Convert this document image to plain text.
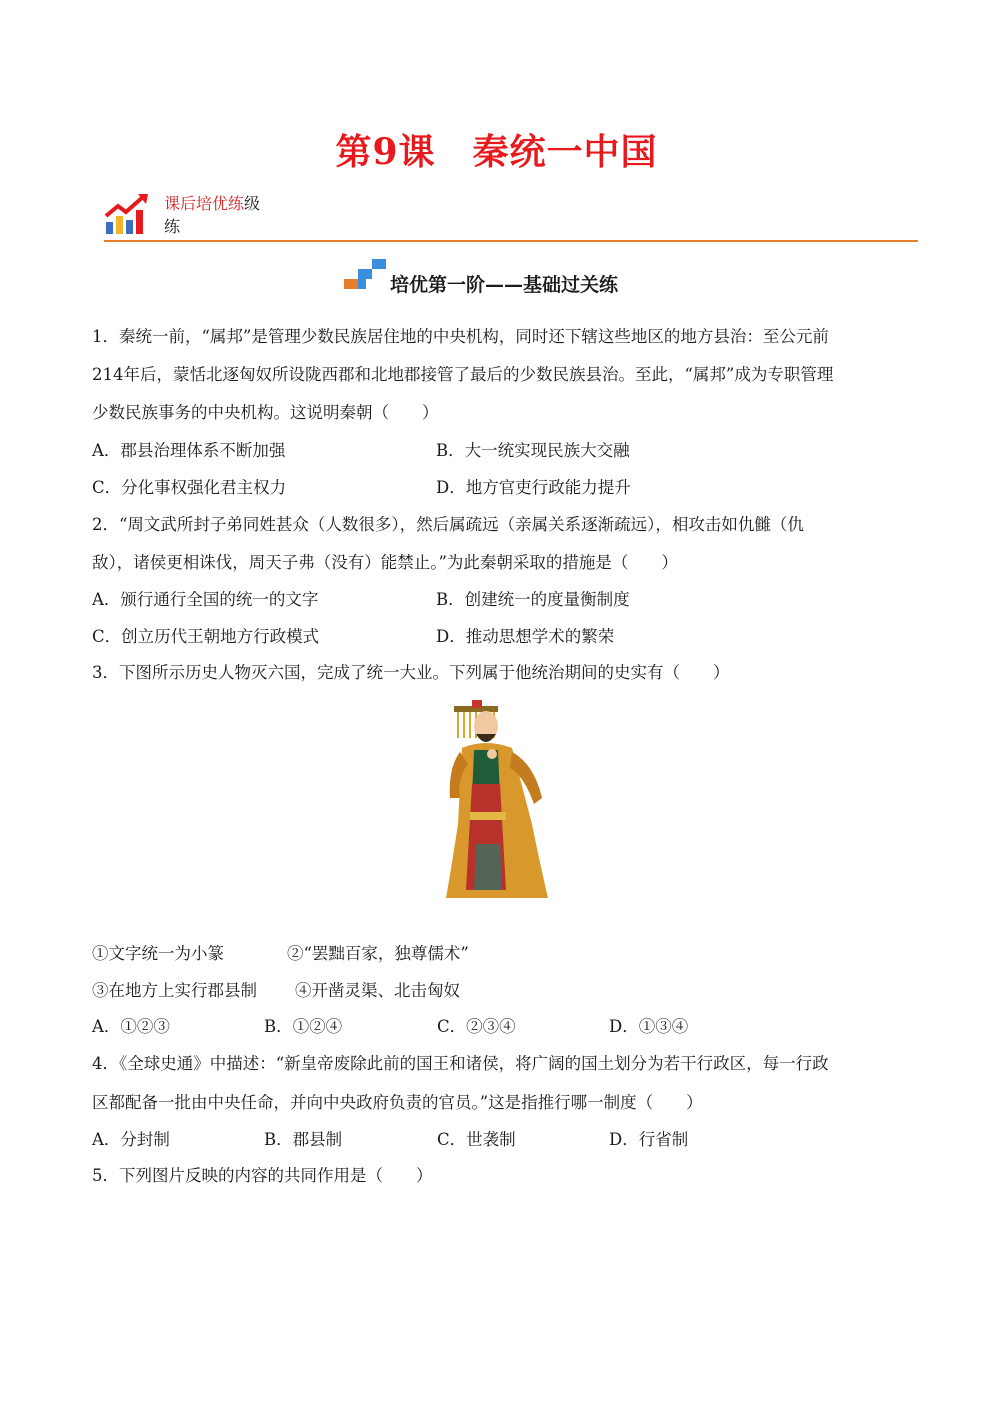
第9课　秦统一中国
课后培优练级
练
培优第一阶——基础过关练
1．秦统一前，“属邦”是管理少数民族居住地的中央机构，同时还下辖这些地区的地方县治：至公元前
214年后，蒙恬北逐匈奴所设陇西郡和北地郡接管了最后的少数民族县治。至此，“属邦”成为专职管理
少数民族事务的中央机构。这说明秦朝（　　）
A．郡县治理体系不断加强	B．大一统实现民族大交融
C．分化事权强化君主权力	D．地方官吏行政能力提升
2．“周文武所封子弟同姓甚众（人数很多），然后属疏远（亲属关系逐渐疏远），相攻击如仇雠（仇
敌），诸侯更相诛伐，周天子弗（没有）能禁止。”为此秦朝采取的措施是（　　）
A．颁行通行全国的统一的文字	B．创建统一的度量衡制度
C．创立历代王朝地方行政模式	D．推动思想学术的繁荣
3．下图所示历史人物灭六国，完成了统一大业。下列属于他统治期间的史实有（　　）
①文字统一为小篆	②“罢黜百家，独尊儒术”
③在地方上实行郡县制 ④开凿灵渠、北击匈奴
A．①②③	B．①②④	C．②③④	D．①③④
4．《全球史通》中描述：“新皇帝废除此前的国王和诸侯，将广阔的国土划分为若干行政区，每一行政
区都配备一批由中央任命，并向中央政府负责的官员。”这是指推行哪一制度（　　）
A．分封制	B．郡县制	C．世袭制	D．行省制
5．下列图片反映的内容的共同作用是（　　）
